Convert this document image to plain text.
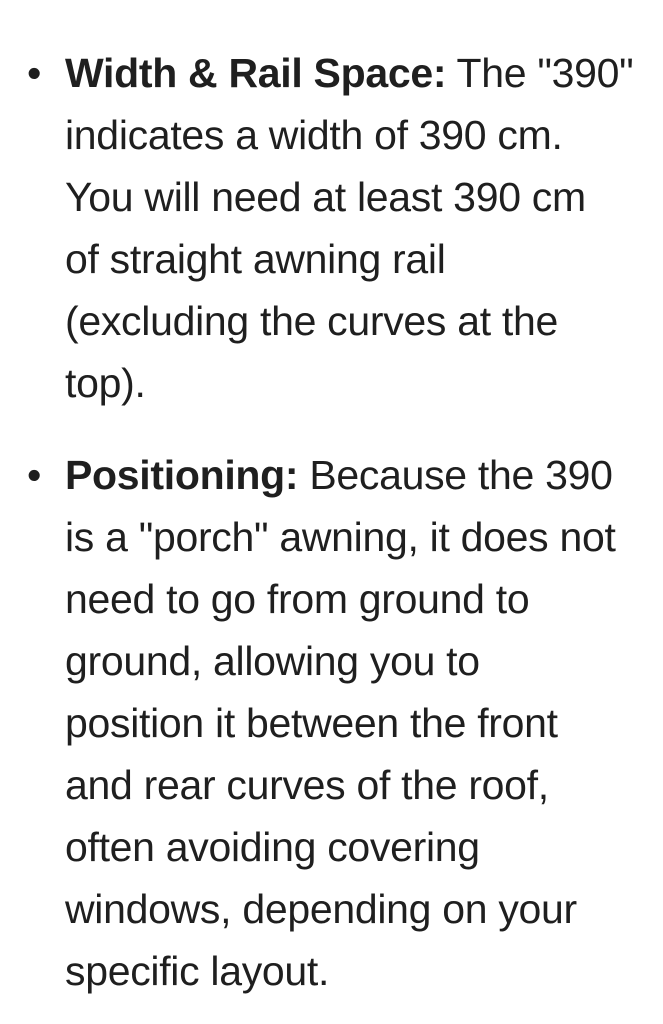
• Width & Rail Space: The "390"
indicates a width of 390 cm.
You will need at least 390 cm
of straight awning rail
(excluding the curves at the
top).
• Positioning: Because the 390
is a "porch" awning, it does not
need to go from ground to
ground, allowing you to
position it between the front
and rear curves of the roof,
often avoiding covering
windows, depending on your
specific layout.
